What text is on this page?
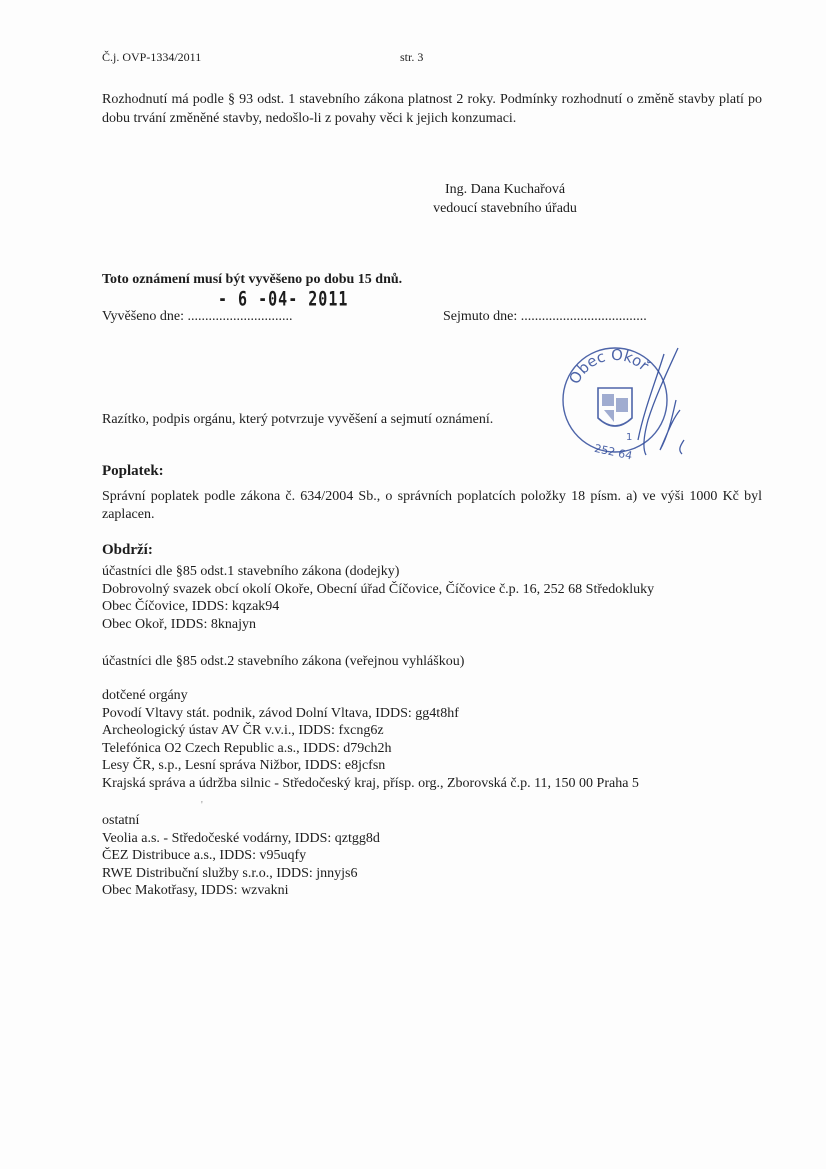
Č.j. OVP-1334/2011	str. 3
Rozhodnutí má podle § 93 odst. 1 stavebního zákona platnost 2 roky. Podmínky rozhodnutí o změně stavby platí po dobu trvání změněné stavby, nedošlo-li z povahy věci k jejich konzumaci.
Ing. Dana Kuchařová
vedoucí stavebního úřadu
Toto oznámení musí být vyvěšeno po dobu 15 dnů.
- 6 -04- 2011
Vyvěšeno dne: ..............................	Sejmuto dne: ....................................
Obec Okoř
1
252 64
Razítko, podpis orgánu, který potvrzuje vyvěšení a sejmutí oznámení.
Poplatek:
Správní poplatek podle zákona č. 634/2004 Sb., o správních poplatcích položky 18 písm. a) ve výši 1000 Kč byl zaplacen.
Obdrží:
účastníci dle §85 odst.1 stavebního zákona (dodejky)
Dobrovolný svazek obcí okolí Okoře, Obecní úřad Číčovice, Číčovice č.p. 16, 252 68 Středokluky
Obec Číčovice, IDDS: kqzak94
Obec Okoř, IDDS: 8knajyn
účastníci dle §85 odst.2 stavebního zákona (veřejnou vyhláškou)
dotčené orgány
Povodí Vltavy stát. podnik, závod Dolní Vltava, IDDS: gg4t8hf
Archeologický ústav AV ČR v.v.i., IDDS: fxcng6z
Telefónica O2 Czech Republic a.s., IDDS: d79ch2h
Lesy ČR, s.p., Lesní správa Nižbor, IDDS: e8jcfsn
Krajská správa a údržba silnic - Středočeský kraj, přísp. org., Zborovská č.p. 11, 150 00 Praha 5
'
ostatní
Veolia a.s. - Středočeské vodárny, IDDS: qztgg8d
ČEZ Distribuce a.s., IDDS: v95uqfy
RWE Distribuční služby s.r.o., IDDS: jnnyjs6
Obec Makotřasy, IDDS: wzvakni
